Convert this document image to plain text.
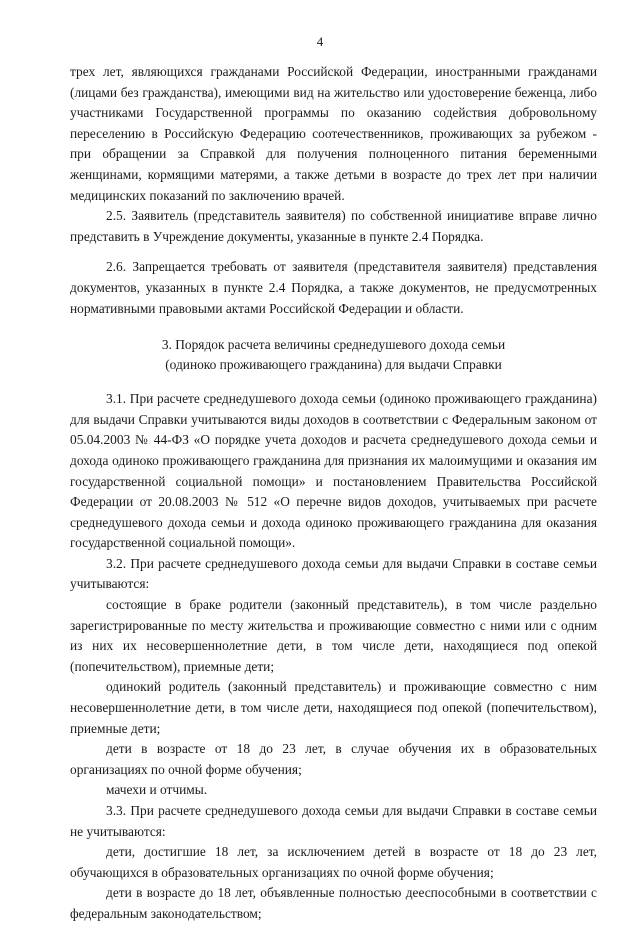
4

трех лет, являющихся гражданами Российской Федерации, иностранными гражданами (лицами без гражданства), имеющими вид на жительство или удостоверение беженца, либо участниками Государственной программы по оказанию содействия добровольному переселению в Российскую Федерацию соотечественников, проживающих за рубежом - при обращении за Справкой для получения полноценного питания беременными женщинами, кормящими матерями, а также детьми в возрасте до трех лет при наличии медицинских показаний по заключению врачей.

2.5. Заявитель (представитель заявителя) по собственной инициативе вправе лично представить в Учреждение документы, указанные в пункте 2.4 Порядка.

2.6. Запрещается требовать от заявителя (представителя заявителя) представления документов, указанных в пункте 2.4 Порядка, а также документов, не предусмотренных нормативными правовыми актами Российской Федерации и области.

3. Порядок расчета величины среднедушевого дохода семьи
(одиноко проживающего гражданина) для выдачи Справки

3.1. При расчете среднедушевого дохода семьи (одиноко проживающего гражданина) для выдачи Справки учитываются виды доходов в соответствии с Федеральным законом от 05.04.2003 № 44-ФЗ «О порядке учета доходов и расчета среднедушевого дохода семьи и дохода одиноко проживающего гражданина для признания их малоимущими и оказания им государственной социальной помощи» и постановлением Правительства Российской Федерации от 20.08.2003 № 512 «О перечне видов доходов, учитываемых при расчете среднедушевого дохода семьи и дохода одиноко проживающего гражданина для оказания государственной социальной помощи».

3.2. При расчете среднедушевого дохода семьи для выдачи Справки в составе семьи учитываются:

состоящие в браке родители (законный представитель), в том числе раздельно зарегистрированные по месту жительства и проживающие совместно с ними или с одним из них их несовершеннолетние дети, в том числе дети, находящиеся под опекой (попечительством), приемные дети;

одинокий родитель (законный представитель) и проживающие совместно с ним несовершеннолетние дети, в том числе дети, находящиеся под опекой (попечительством), приемные дети;

дети в возрасте от 18 до 23 лет, в случае обучения их в образовательных организациях по очной форме обучения;

мачехи и отчимы.

3.3. При расчете среднедушевого дохода семьи для выдачи Справки в составе семьи не учитываются:

дети, достигшие 18 лет, за исключением детей в возрасте от 18 до 23 лет, обучающихся в образовательных организациях по очной форме обучения;

дети в возрасте до 18 лет, объявленные полностью дееспособными в соответствии с федеральным законодательством;
